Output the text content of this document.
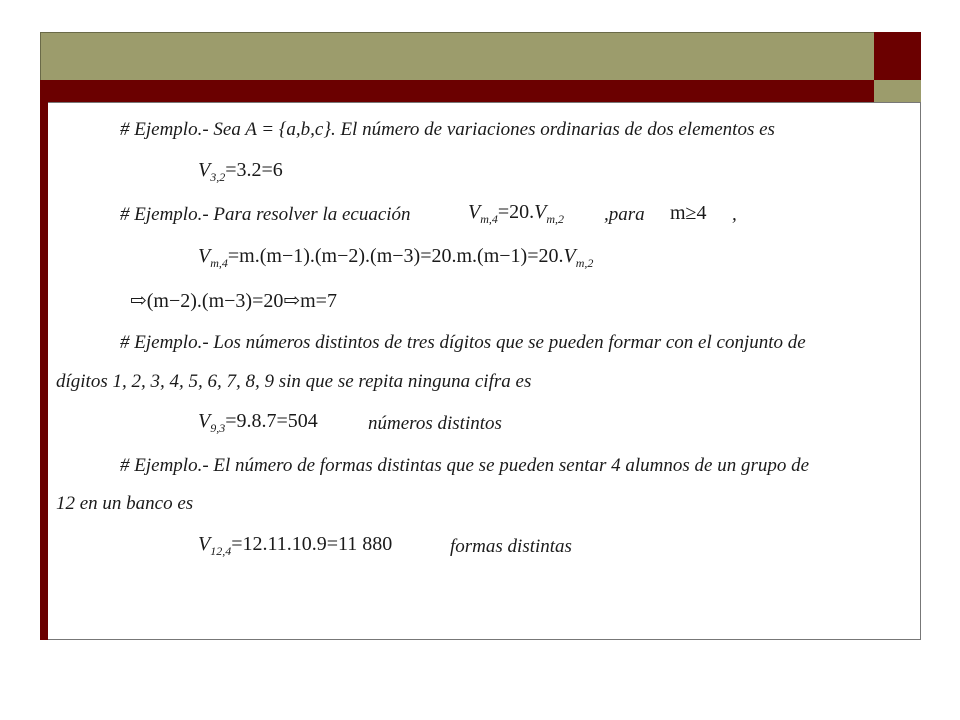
# Ejemplo.- Sea A = {a,b,c}. El número de variaciones ordinarias de dos elementos es
$V_{3,2}=3.2=6$
# Ejemplo.- Para resolver la ecuación	$V_{m,4}=20.V_{m,2}$ ,para m≥4 ,
$V_{m,4}=m.(m-1).(m-2).(m-3)=20.m.(m-1)=20.V_{m,2}$
⇨(m−2).(m−3)=20⇨m=7
# Ejemplo.- Los números distintos de tres dígitos que se pueden formar con el conjunto de
dígitos 1, 2, 3, 4, 5, 6, 7, 8, 9 sin que se repita ninguna cifra es
$V_{9,3}=9.8.7=504$	números distintos
# Ejemplo.- El número de formas distintas que se pueden sentar 4 alumnos de un grupo de
12 en un banco es
$V_{12,4}=12.11.10.9=11$ 880	formas distintas
